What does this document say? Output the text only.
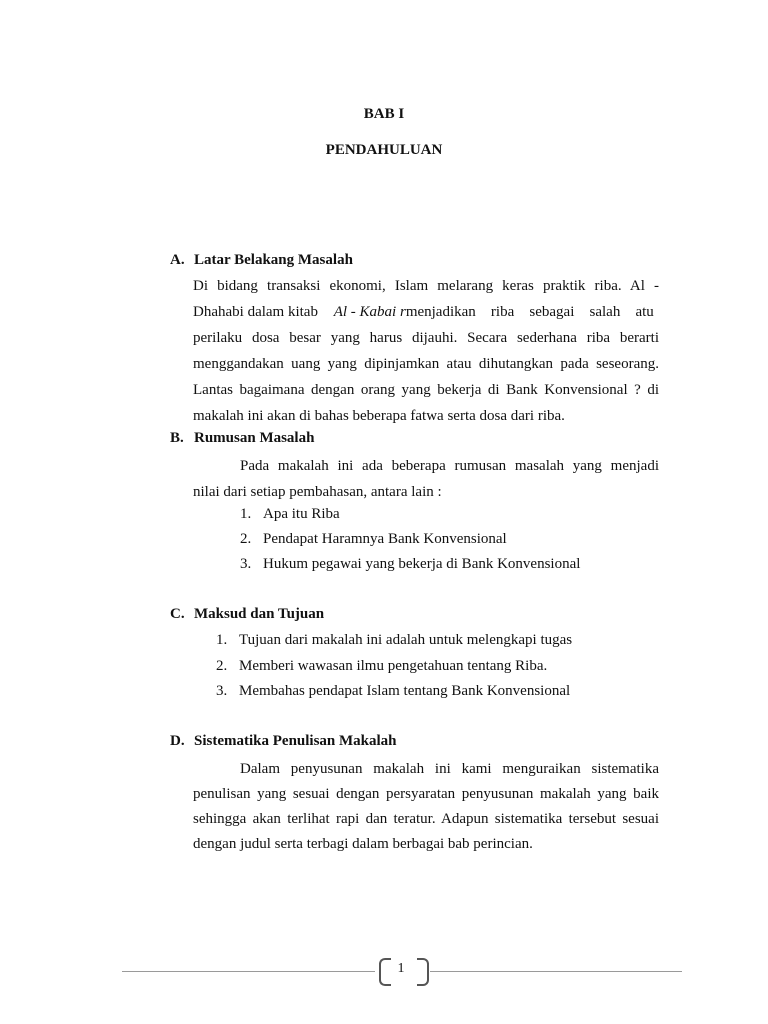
BAB I
PENDAHULUAN
A. Latar Belakang Masalah
Di bidang transaksi ekonomi, Islam melarang keras praktik riba. Al -
Dhahabi dalam kitab Al - Kabai rmenjadikan riba sebagai salah atu
perilaku dosa besar yang harus dijauhi. Secara sederhana riba berarti
menggandakan uang yang dipinjamkan atau dihutangkan pada seseorang.
Lantas bagaimana dengan orang yang bekerja di Bank Konvensional ? di
makalah ini akan di bahas beberapa fatwa serta dosa dari riba.
B. Rumusan Masalah
Pada makalah ini ada beberapa rumusan masalah yang menjadi
nilai dari setiap pembahasan, antara lain :
1. Apa itu Riba
2. Pendapat Haramnya Bank Konvensional
3. Hukum pegawai yang bekerja di Bank Konvensional
C. Maksud dan Tujuan
1. Tujuan dari makalah ini adalah untuk melengkapi tugas
2. Memberi wawasan ilmu pengetahuan tentang Riba.
3. Membahas pendapat Islam tentang Bank Konvensional
D. Sistematika Penulisan Makalah
Dalam penyusunan makalah ini kami menguraikan sistematika
penulisan yang sesuai dengan persyaratan penyusunan makalah yang baik
sehingga akan terlihat rapi dan teratur. Adapun sistematika tersebut sesuai
dengan judul serta terbagi dalam berbagai bab perincian.
1
